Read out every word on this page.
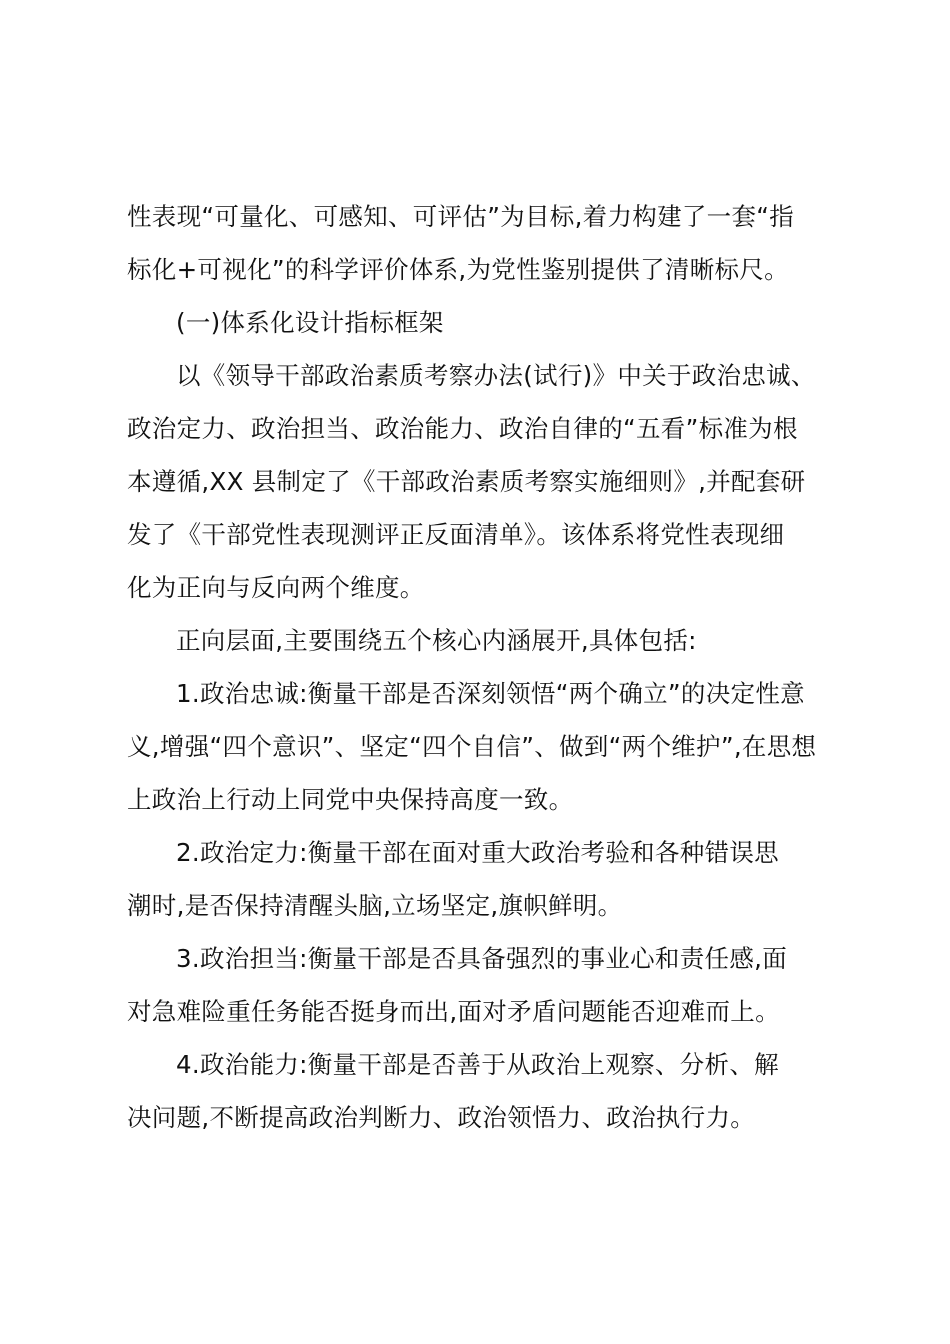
性表现“可量化、可感知、可评估”为目标,着力构建了一套“指
标化+可视化”的科学评价体系,为党性鉴别提供了清晰标尺。

(一)体系化设计指标框架

以《领导干部政治素质考察办法(试行)》中关于政治忠诚、
政治定力、政治担当、政治能力、政治自律的“五看”标准为根
本遵循,XX 县制定了《干部政治素质考察实施细则》,并配套研
发了《干部党性表现测评正反面清单》。该体系将党性表现细
化为正向与反向两个维度。

正向层面,主要围绕五个核心内涵展开,具体包括:

1.政治忠诚:衡量干部是否深刻领悟“两个确立”的决定性意
义,增强“四个意识”、坚定“四个自信”、做到“两个维护”,在思想
上政治上行动上同党中央保持高度一致。

2.政治定力:衡量干部在面对重大政治考验和各种错误思
潮时,是否保持清醒头脑,立场坚定,旗帜鲜明。

3.政治担当:衡量干部是否具备强烈的事业心和责任感,面
对急难险重任务能否挺身而出,面对矛盾问题能否迎难而上。

4.政治能力:衡量干部是否善于从政治上观察、分析、解
决问题,不断提高政治判断力、政治领悟力、政治执行力。
